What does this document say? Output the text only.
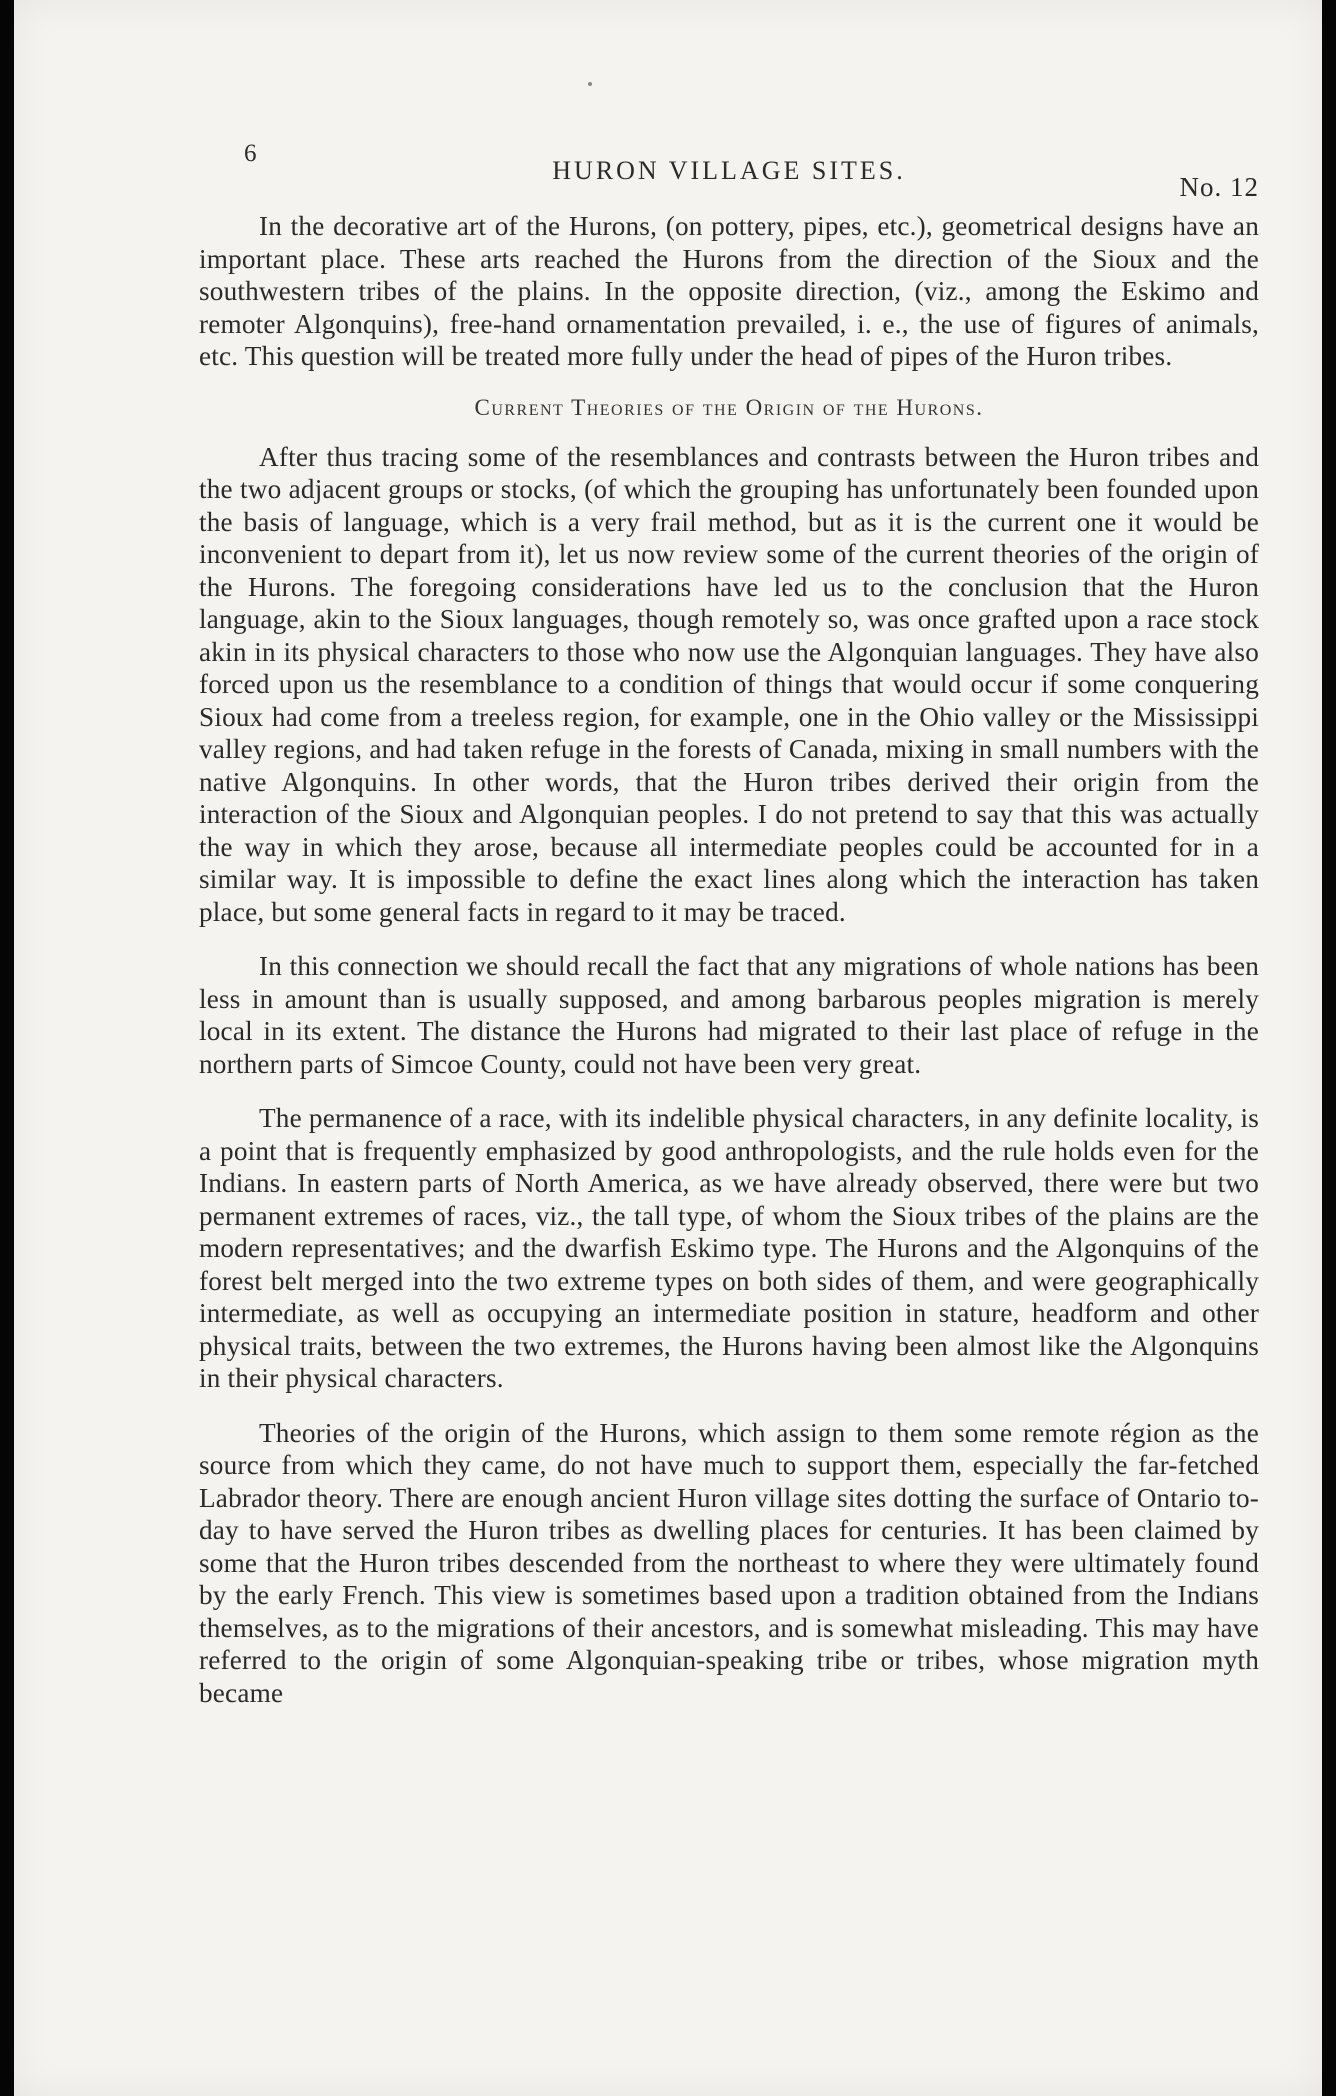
6
HURON VILLAGE SITES.
No. 12

In the decorative art of the Hurons, (on pottery, pipes, etc.), geometrical designs have an important place. These arts reached the Hurons from the direction of the Sioux and the southwestern tribes of the plains. In the opposite direction, (viz., among the Eskimo and remoter Algonquins), free-hand ornamentation prevailed, i. e., the use of figures of animals, etc. This question will be treated more fully under the head of pipes of the Huron tribes.

Current Theories of the Origin of the Hurons.

After thus tracing some of the resemblances and contrasts between the Huron tribes and the two adjacent groups or stocks, (of which the grouping has unfortunately been founded upon the basis of language, which is a very frail method, but as it is the current one it would be inconvenient to depart from it), let us now review some of the current theories of the origin of the Hurons. The foregoing considerations have led us to the conclusion that the Huron language, akin to the Sioux languages, though remotely so, was once grafted upon a race stock akin in its physical characters to those who now use the Algonquian languages. They have also forced upon us the resemblance to a condition of things that would occur if some conquering Sioux had come from a treeless region, for example, one in the Ohio valley or the Mississippi valley regions, and had taken refuge in the forests of Canada, mixing in small numbers with the native Algonquins. In other words, that the Huron tribes derived their origin from the interaction of the Sioux and Algonquian peoples. I do not pretend to say that this was actually the way in which they arose, because all intermediate peoples could be accounted for in a similar way. It is impossible to define the exact lines along which the interaction has taken place, but some general facts in regard to it may be traced.

In this connection we should recall the fact that any migrations of whole nations has been less in amount than is usually supposed, and among barbarous peoples migration is merely local in its extent. The distance the Hurons had migrated to their last place of refuge in the northern parts of Simcoe County, could not have been very great.

The permanence of a race, with its indelible physical characters, in any definite locality, is a point that is frequently emphasized by good anthropologists, and the rule holds even for the Indians. In eastern parts of North America, as we have already observed, there were but two permanent extremes of races, viz., the tall type, of whom the Sioux tribes of the plains are the modern representatives; and the dwarfish Eskimo type. The Hurons and the Algonquins of the forest belt merged into the two extreme types on both sides of them, and were geographically intermediate, as well as occupying an intermediate position in stature, headform and other physical traits, between the two extremes, the Hurons having been almost like the Algonquins in their physical characters.

Theories of the origin of the Hurons, which assign to them some remote région as the source from which they came, do not have much to support them, especially the far-fetched Labrador theory. There are enough ancient Huron village sites dotting the surface of Ontario to-day to have served the Huron tribes as dwelling places for centuries. It has been claimed by some that the Huron tribes descended from the northeast to where they were ultimately found by the early French. This view is sometimes based upon a tradition obtained from the Indians themselves, as to the migrations of their ancestors, and is somewhat misleading. This may have referred to the origin of some Algonquian-speaking tribe or tribes, whose migration myth became
